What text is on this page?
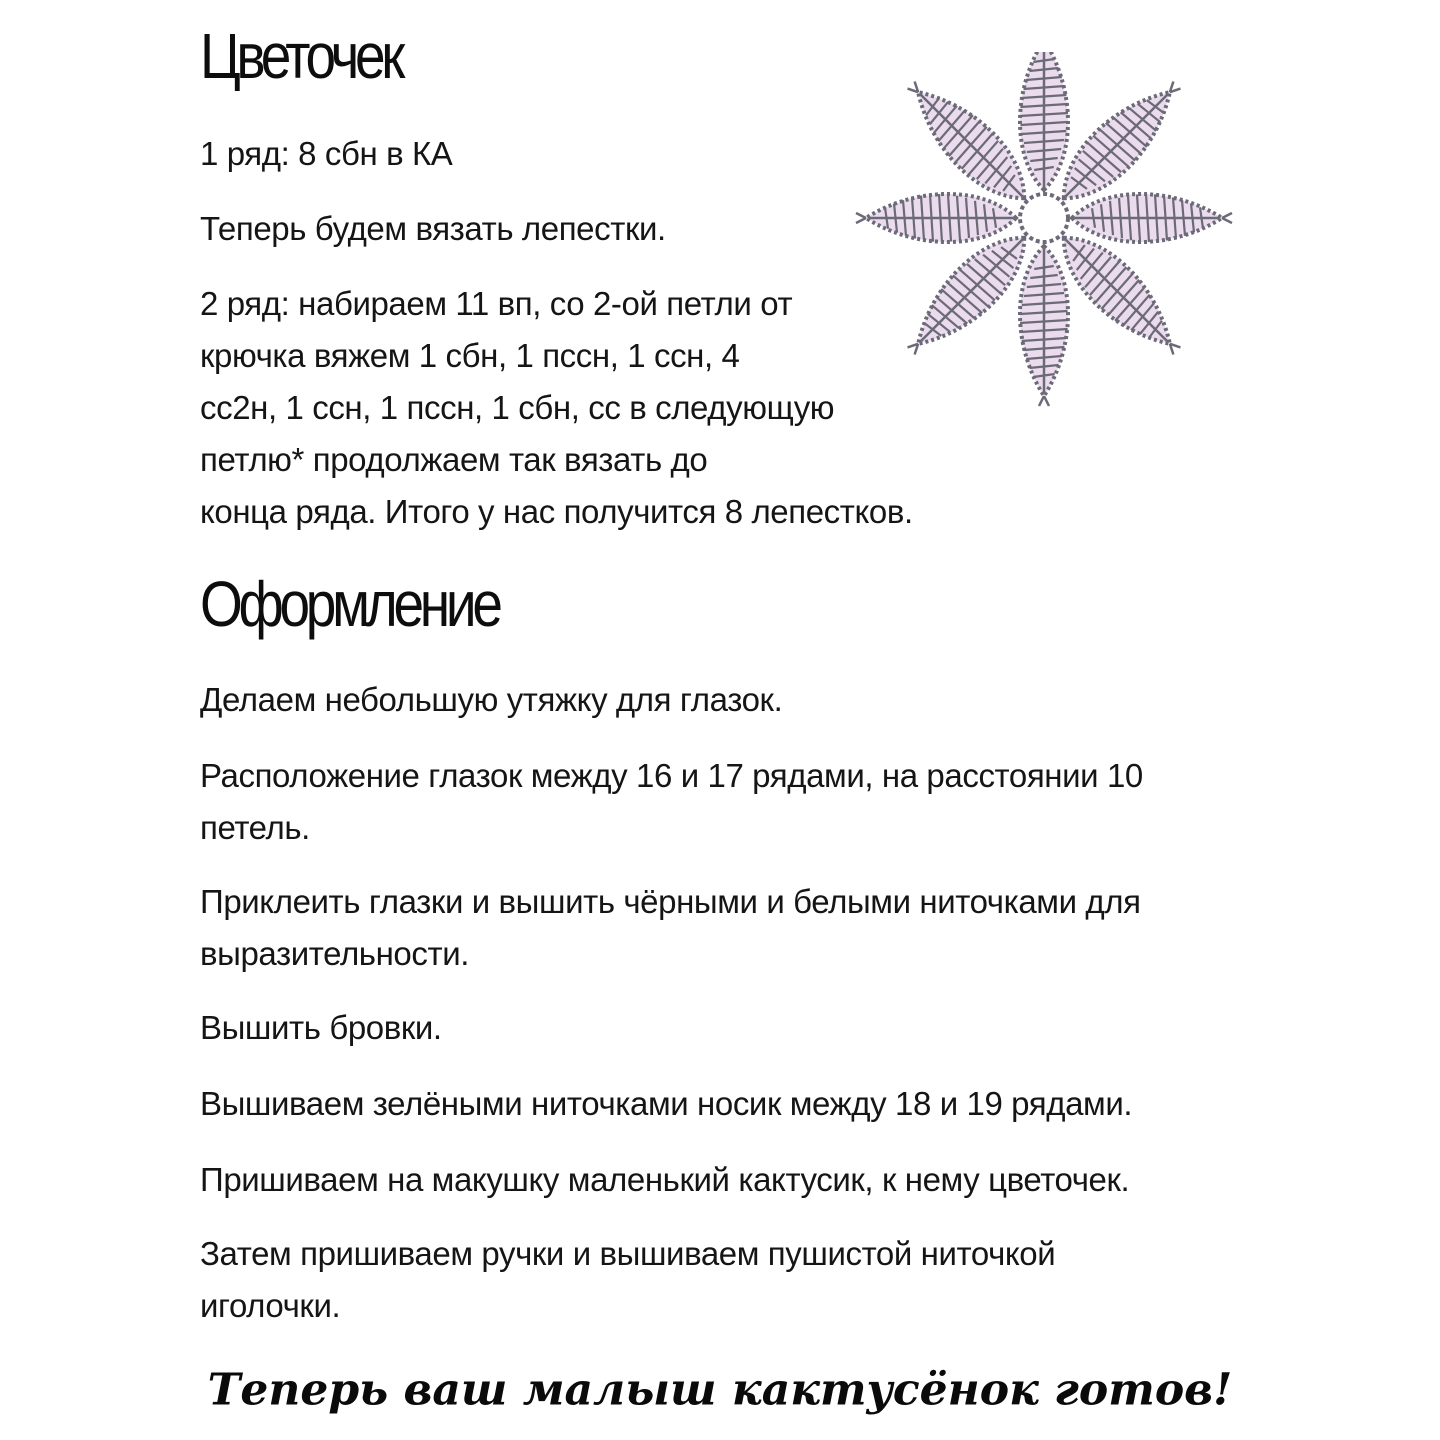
Цветочек

1 ряд: 8 сбн в КА

Теперь будем вязать лепестки.

2 ряд: набираем 11 вп, со 2-ой петли от
крючка вяжем 1 сбн, 1 пссн, 1 ссн, 4
сс2н, 1 ссн, 1 пссн, 1 сбн, сс в следующую
петлю* продолжаем так вязать до
конца ряда. Итого у нас получится 8 лепестков.

Оформление

Делаем небольшую утяжку для глазок.

Расположение глазок между 16 и 17 рядами, на расстоянии 10 петель.

Приклеить глазки и вышить чёрными и белыми ниточками для выразительности.

Вышить бровки.

Вышиваем зелёными ниточками носик между 18 и 19 рядами.

Пришиваем на макушку маленький кактусик, к нему цветочек.

Затем пришиваем ручки и вышиваем пушистой ниточкой иголочки.

Теперь ваш малыш кактусёнок готов!
